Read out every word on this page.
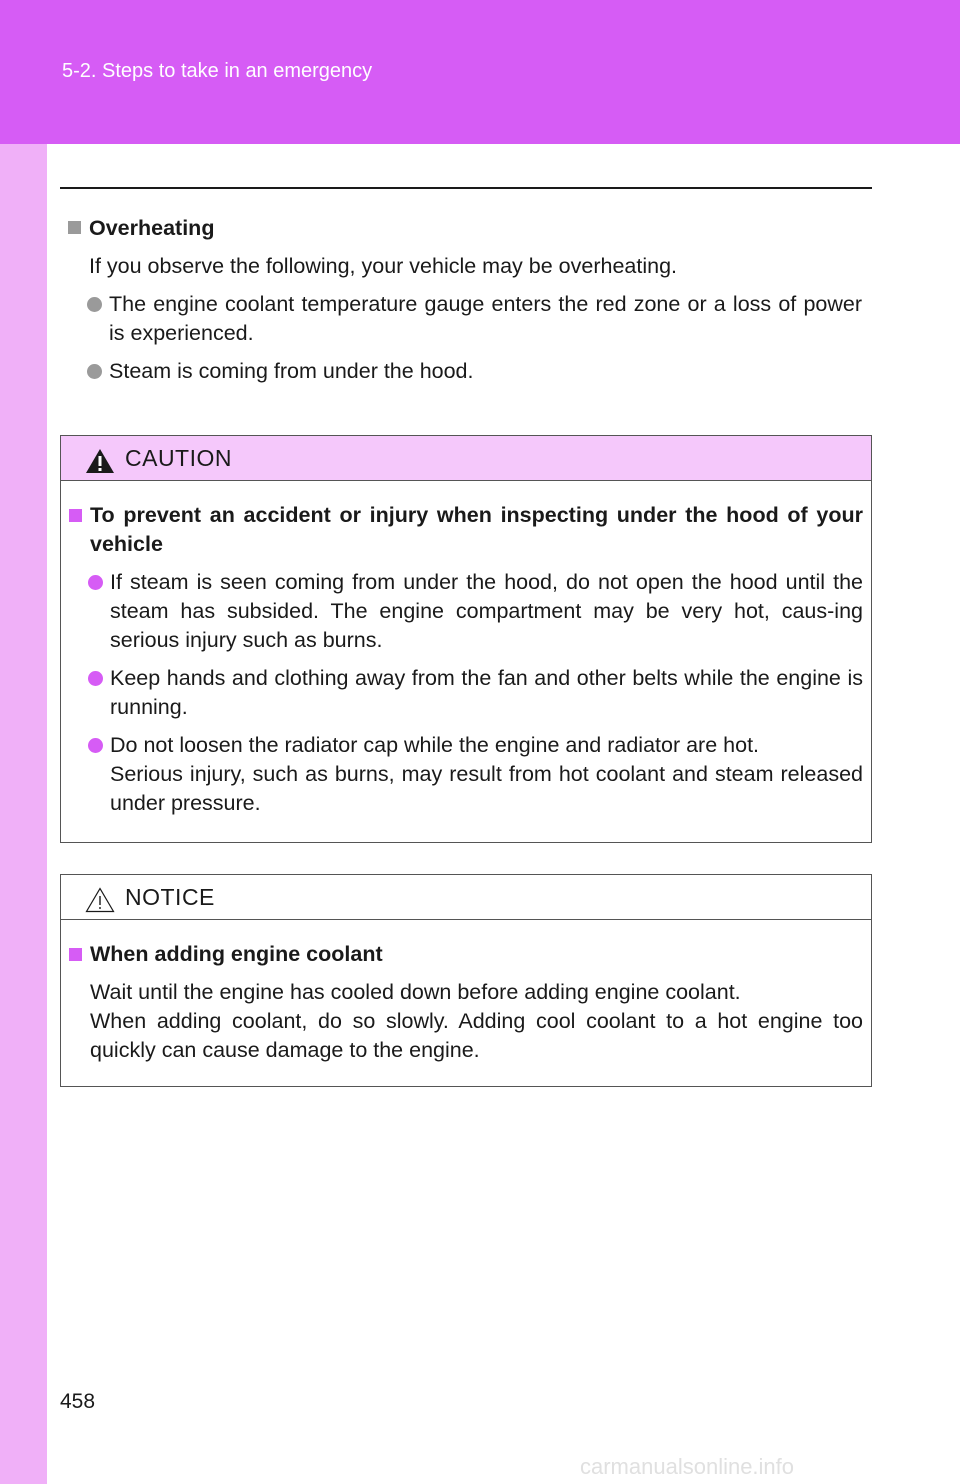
5-2. Steps to take in an emergency
Overheating
If you observe the following, your vehicle may be overheating.
The engine coolant temperature gauge enters the red zone or a loss of power is experienced.
Steam is coming from under the hood.
CAUTION
To prevent an accident or injury when inspecting under the hood of your vehicle
If steam is seen coming from under the hood, do not open the hood until the steam has subsided. The engine compartment may be very hot, caus-ing serious injury such as burns.
Keep hands and clothing away from the fan and other belts while the engine is running.
Do not loosen the radiator cap while the engine and radiator are hot.
Serious injury, such as burns, may result from hot coolant and steam released under pressure.
NOTICE
When adding engine coolant
Wait until the engine has cooled down before adding engine coolant.
When adding coolant, do so slowly. Adding cool coolant to a hot engine too quickly can cause damage to the engine.
458
carmanualsonline.info
